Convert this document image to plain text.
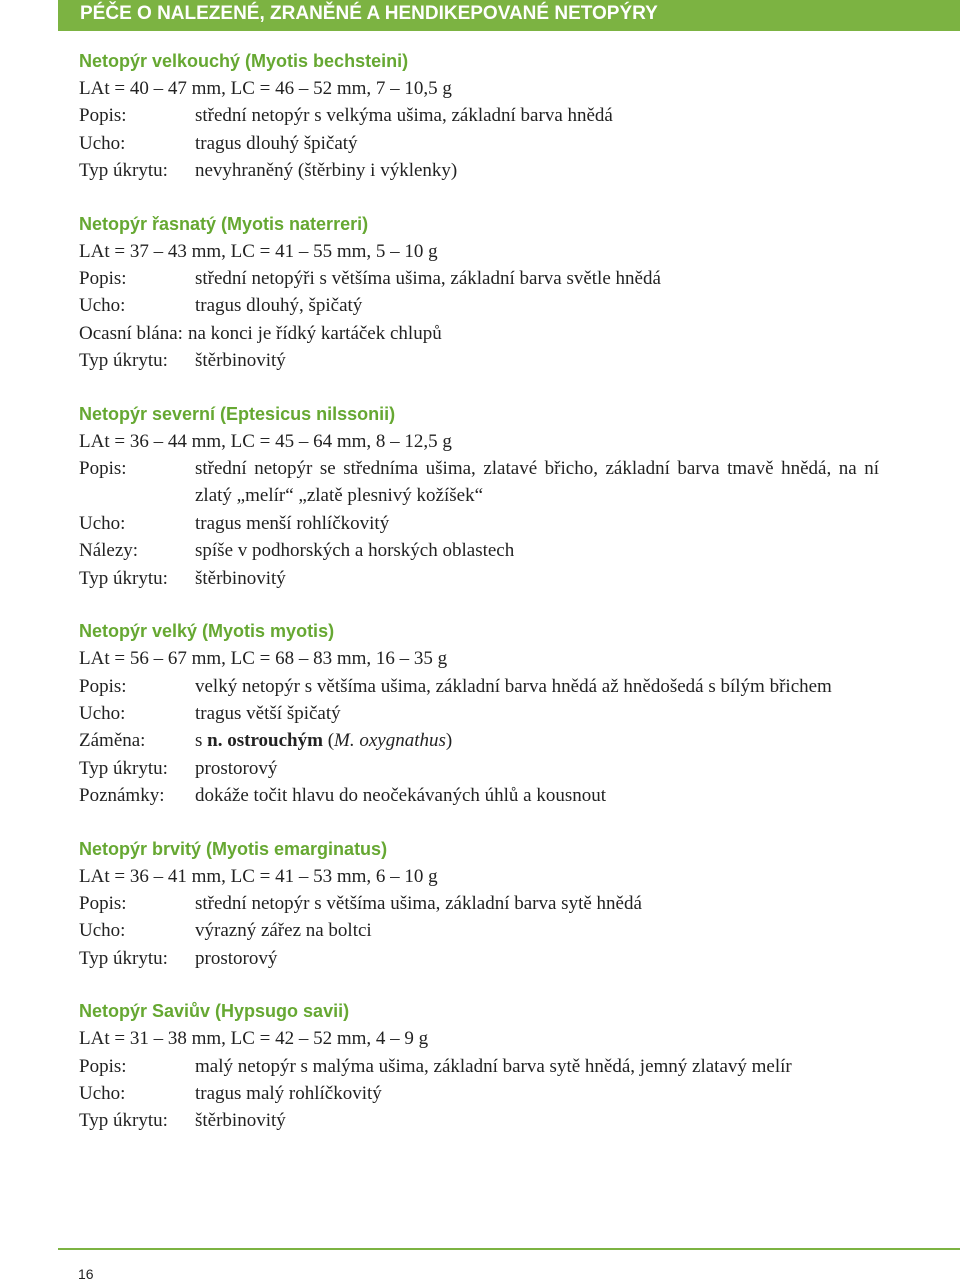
PÉČE O NALEZENÉ, ZRANĚNÉ A HENDIKEPOVANÉ NETOPÝRY
Netopýr velkouchý (Myotis bechsteini)
LAt = 40 – 47 mm, LC = 46 – 52 mm, 7 – 10,5 g
Popis:	střední netopýr s velkýma ušima, základní barva hnědá
Ucho:	tragus dlouhý špičatý
Typ úkrytu:	nevyhraněný (štěrbiny i výklenky)
Netopýr řasnatý (Myotis naterreri)
LAt = 37 – 43 mm, LC = 41 – 55 mm, 5 – 10 g
Popis:	střední netopýři s většíma ušima, základní barva světle hnědá
Ucho:	tragus dlouhý, špičatý
Ocasní blána: na konci je řídký kartáček chlupů
Typ úkrytu:	štěrbinovitý
Netopýr severní (Eptesicus nilssonii)
LAt = 36 – 44 mm, LC = 45 – 64 mm, 8 – 12,5 g
Popis:	střední netopýr se středníma ušima, zlatavé břicho, základní barva tmavě hnědá, na ní zlatý „melír“ „zlatě plesnivý kožíšek“
Ucho:	tragus menší rohlíčkovitý
Nálezy:	spíše v podhorských a horských oblastech
Typ úkrytu:	štěrbinovitý
Netopýr velký (Myotis myotis)
LAt = 56 – 67 mm, LC = 68 – 83 mm, 16 – 35 g
Popis:	velký netopýr s většíma ušima, základní barva hnědá až hnědošedá s bílým břichem
Ucho:	tragus větší špičatý
Záměna:	s n. ostrouchým (M. oxygnathus)
Typ úkrytu:	prostorový
Poznámky:	dokáže točit hlavu do neočekávaných úhlů a kousnout
Netopýr brvitý (Myotis emarginatus)
LAt = 36 – 41 mm, LC = 41 – 53 mm, 6 – 10 g
Popis:	střední netopýr s většíma ušima, základní barva sytě hnědá
Ucho:	výrazný zářez na boltci
Typ úkrytu:	prostorový
Netopýr Saviův (Hypsugo savii)
LAt = 31 – 38 mm, LC = 42 – 52 mm, 4 – 9 g
Popis:	malý netopýr s malýma ušima, základní barva sytě hnědá, jemný zlatavý melír
Ucho:	tragus malý rohlíčkovitý
Typ úkrytu:	štěrbinovitý
16
